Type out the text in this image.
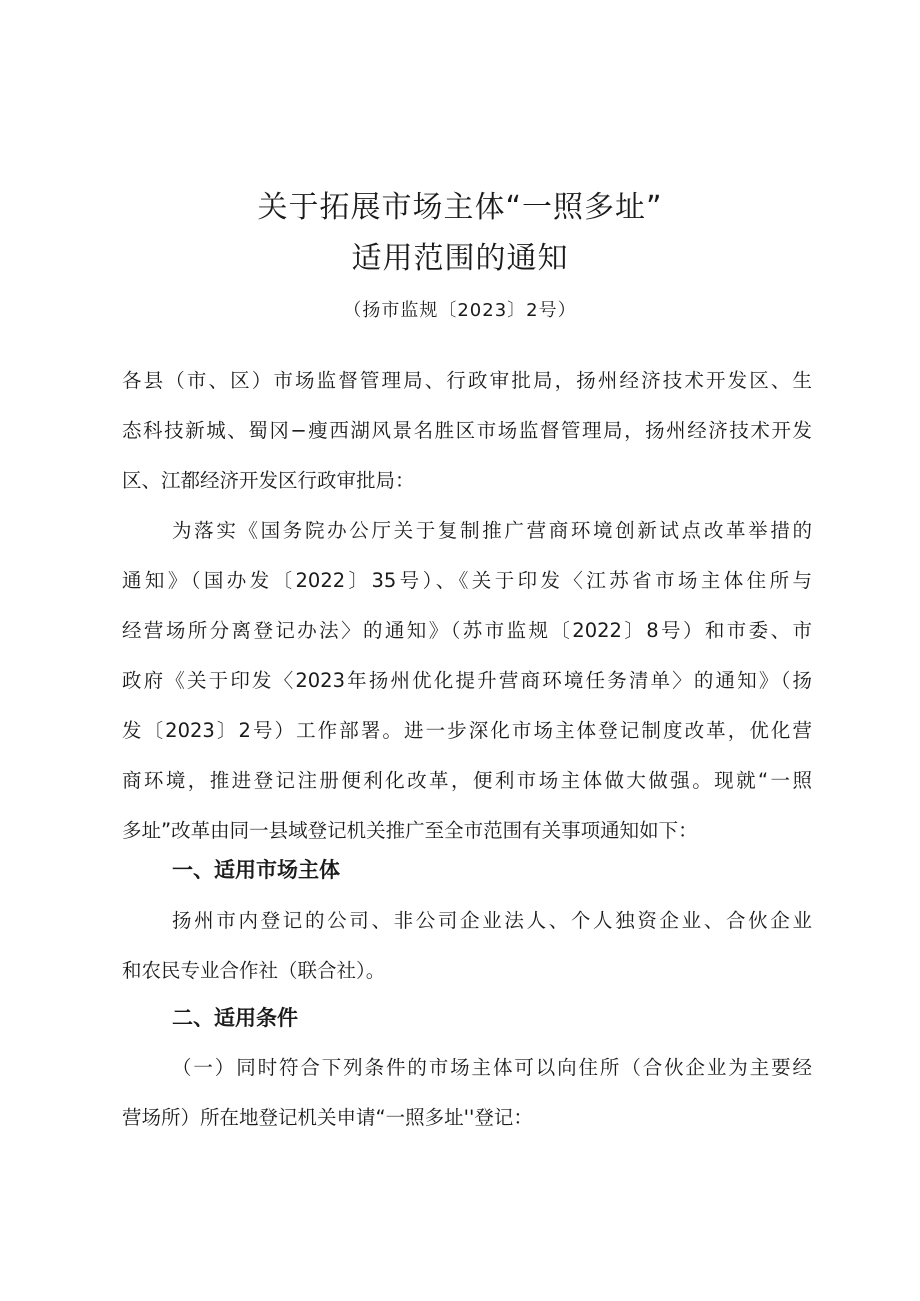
关于拓展市场主体“一照多址”
适用范围的通知
（扬市监规〔2023〕2号）

各县（市、区）市场监督管理局、行政审批局，扬州经济技术开发区、生

态科技新城、蜀冈−瘦西湖风景名胜区市场监督管理局，扬州经济技术开发

区、江都经济开发区行政审批局：

为落实《国务院办公厅关于复制推广营商环境创新试点改革举措的

通知》（国办发〔2022〕35号）、《关于印发〈江苏省市场主体住所与

经营场所分离登记办法〉的通知》（苏市监规〔2022〕8号）和市委、市

政府《关于印发〈2023年扬州优化提升营商环境任务清单〉的通知》（扬

发〔2023〕2号）工作部署。进一步深化市场主体登记制度改革，优化营

商环境，推进登记注册便利化改革，便利市场主体做大做强。现就“一照

多址”改革由同一县域登记机关推广至全市范围有关事项通知如下：

一、适用市场主体

扬州市内登记的公司、非公司企业法人、个人独资企业、合伙企业

和农民专业合作社（联合社）。

二、适用条件

（一）同时符合下列条件的市场主体可以向住所（合伙企业为主要经

营场所）所在地登记机关申请“一照多址''登记：
